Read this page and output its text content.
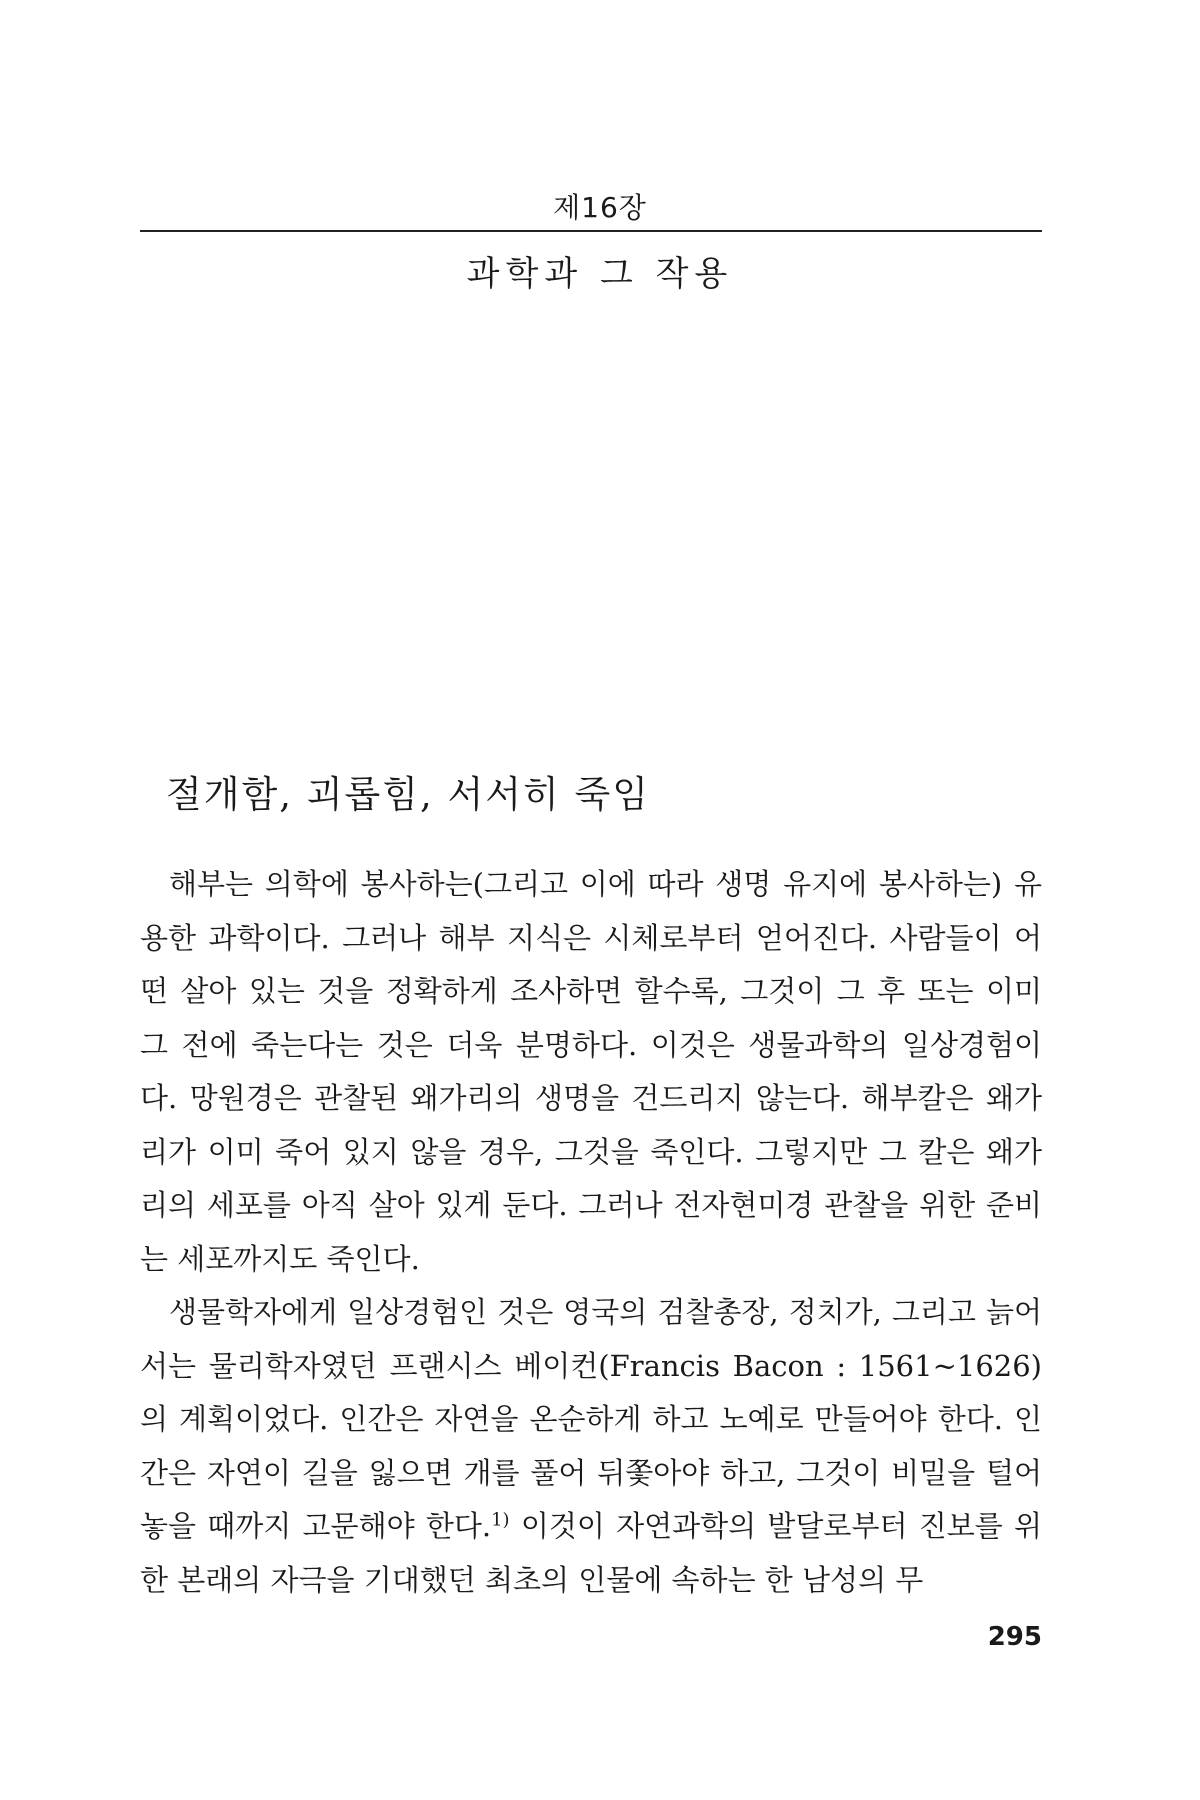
제16장
과학과 그 작용
절개함, 괴롭힘, 서서히 죽임

해부는 의학에 봉사하는(그리고 이에 따라 생명 유지에 봉사하는) 유용한 과학이다. 그러나 해부 지식은 시체로부터 얻어진다. 사람들이 어떤 살아 있는 것을 정확하게 조사하면 할수록, 그것이 그 후 또는 이미 그 전에 죽는다는 것은 더욱 분명하다. 이것은 생물과학의 일상경험이다. 망원경은 관찰된 왜가리의 생명을 건드리지 않는다. 해부칼은 왜가리가 이미 죽어 있지 않을 경우, 그것을 죽인다. 그렇지만 그 칼은 왜가리의 세포를 아직 살아 있게 둔다. 그러나 전자현미경 관찰을 위한 준비는 세포까지도 죽인다.

생물학자에게 일상경험인 것은 영국의 검찰총장, 정치가, 그리고 늙어서는 물리학자였던 프랜시스 베이컨(Francis Bacon : 1561~1626)의 계획이었다. 인간은 자연을 온순하게 하고 노예로 만들어야 한다. 인간은 자연이 길을 잃으면 개를 풀어 뒤쫓아야 하고, 그것이 비밀을 털어 놓을 때까지 고문해야 한다.$^{1)}$ 이것이 자연과학의 발달로부터 진보를 위한 본래의 자극을 기대했던 최초의 인물에 속하는 한 남성의 무

295
